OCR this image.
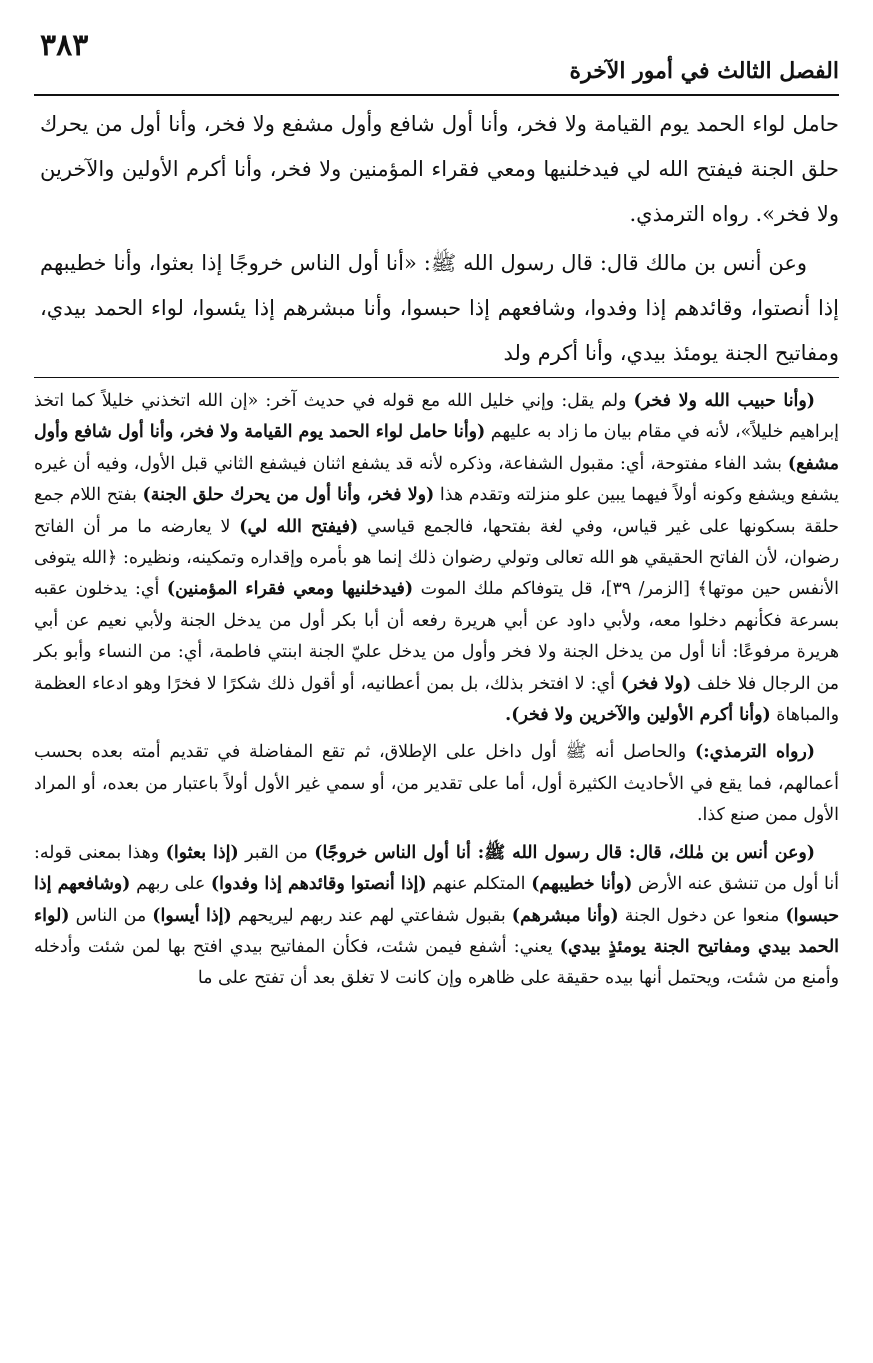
٣٨٣
الفصل الثالث في أمور الآخرة

حامل لواء الحمد يوم القيامة ولا فخر، وأنا أول شافع وأول مشفع ولا فخر، وأنا أول من يحرك حلق الجنة فيفتح الله لي فيدخلنيها ومعي فقراء المؤمنين ولا فخر، وأنا أكرم الأولين والآخرين ولا فخر». رواه الترمذي.

وعن أنس بن مالك قال: قال رسول الله ﷺ: «أنا أول الناس خروجًا إذا بعثوا، وأنا خطيبهم إذا أنصتوا، وقائدهم إذا وفدوا، وشافعهم إذا حبسوا، وأنا مبشرهم إذا يئسوا، لواء الحمد بيدي، ومفاتيح الجنة يومئذ بيدي، وأنا أكرم ولد

(وأنا حبيب الله ولا فخر) ولم يقل: وإني خليل الله مع قوله في حديث آخر: «إن الله اتخذني خليلاً كما اتخذ إبراهيم خليلاً»، لأنه في مقام بيان ما زاد به عليهم (وأنا حامل لواء الحمد يوم القيامة ولا فخر، وأنا أول شافع وأول مشفع) بشد الفاء مفتوحة، أي: مقبول الشفاعة، وذكره لأنه قد يشفع اثنان فيشفع الثاني قبل الأول، وفيه أن غيره يشفع ويشفع وكونه أولاً فيهما يبين علو منزلته وتقدم هذا (ولا فخر، وأنا أول من يحرك حلق الجنة) بفتح اللام جمع حلقة بسكونها على غير قياس، وفي لغة بفتحها، فالجمع قياسي (فيفتح الله لي) لا يعارضه ما مر أن الفاتح رضوان، لأن الفاتح الحقيقي هو الله تعالى وتولي رضوان ذلك إنما هو بأمره وإقداره وتمكينه، ونظيره: ﴿الله يتوفى الأنفس حين موتها﴾ [الزمر/ ٣٩]، قل يتوفاكم ملك الموت (فيدخلنيها ومعي فقراء المؤمنين) أي: يدخلون عقبه بسرعة فكأنهم دخلوا معه، ولأبي داود عن أبي هريرة رفعه أن أبا بكر أول من يدخل الجنة ولأبي نعيم عن أبي هريرة مرفوعًا: أنا أول من يدخل الجنة ولا فخر وأول من يدخل عليّ الجنة ابنتي فاطمة، أي: من النساء وأبو بكر من الرجال فلا خلف (ولا فخر) أي: لا افتخر بذلك، بل بمن أعطانيه، أو أقول ذلك شكرًا لا فخرًا وهو ادعاء العظمة والمباهاة (وأنا أكرم الأولين والآخرين ولا فخر).

(رواه الترمذي:) والحاصل أنه ﷺ أول داخل على الإطلاق، ثم تقع المفاضلة في تقديم أمته بعده بحسب أعمالهم، فما يقع في الأحاديث الكثيرة أول، أما على تقدير من، أو سمي غير الأول أولاً باعتبار من بعده، أو المراد الأول ممن صنع كذا.

(وعن أنس بن مٰلك، قال: قال رسول الله ﷺ: أنا أول الناس خروجًا) من القبر (إذا بعثوا) وهذا بمعنى قوله: أنا أول من تنشق عنه الأرض (وأنا خطيبهم) المتكلم عنهم (إذا أنصتوا وقائدهم إذا وفدوا) على ربهم (وشافعهم إذا حبسوا) منعوا عن دخول الجنة (وأنا مبشرهم) بقبول شفاعتي لهم عند ربهم ليريحهم (إذا أيسوا) من الناس (لواء الحمد بيدي ومفاتيح الجنة يومئذٍ بيدي) يعني: أشفع فيمن شئت، فكأن المفاتيح بيدي افتح بها لمن شئت وأدخله وأمنع من شئت، ويحتمل أنها بيده حقيقة على ظاهره وإن كانت لا تغلق بعد أن تفتح على ما
